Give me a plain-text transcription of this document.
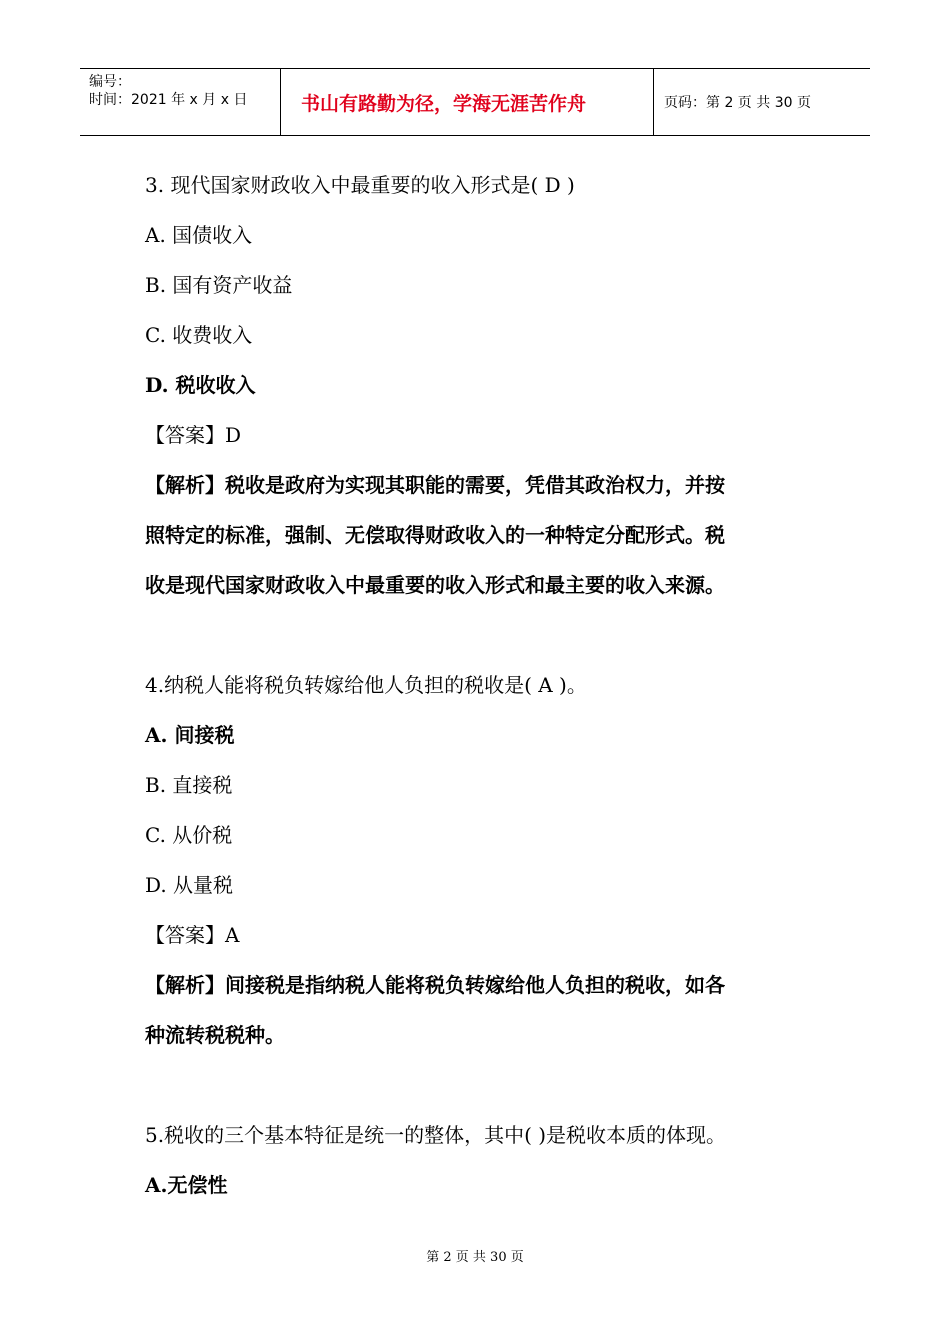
编号：
时间：2021 年 x 月 x 日	书山有路勤为径，学海无涯苦作舟	页码：第 2 页 共 30 页
3. 现代国家财政收入中最重要的收入形式是( D )
A. 国债收入
B. 国有资产收益
C. 收费收入
D. 税收收入
【答案】D
【解析】税收是政府为实现其职能的需要，凭借其政治权力，并按
照特定的标准，强制、无偿取得财政收入的一种特定分配形式。税
收是现代国家财政收入中最重要的收入形式和最主要的收入来源。
4.纳税人能将税负转嫁给他人负担的税收是( A )。
A. 间接税
B. 直接税
C. 从价税
D. 从量税
【答案】A
【解析】间接税是指纳税人能将税负转嫁给他人负担的税收，如各
种流转税税种。
5.税收的三个基本特征是统一的整体，其中( )是税收本质的体现。
A.无偿性
第 2 页 共 30 页
